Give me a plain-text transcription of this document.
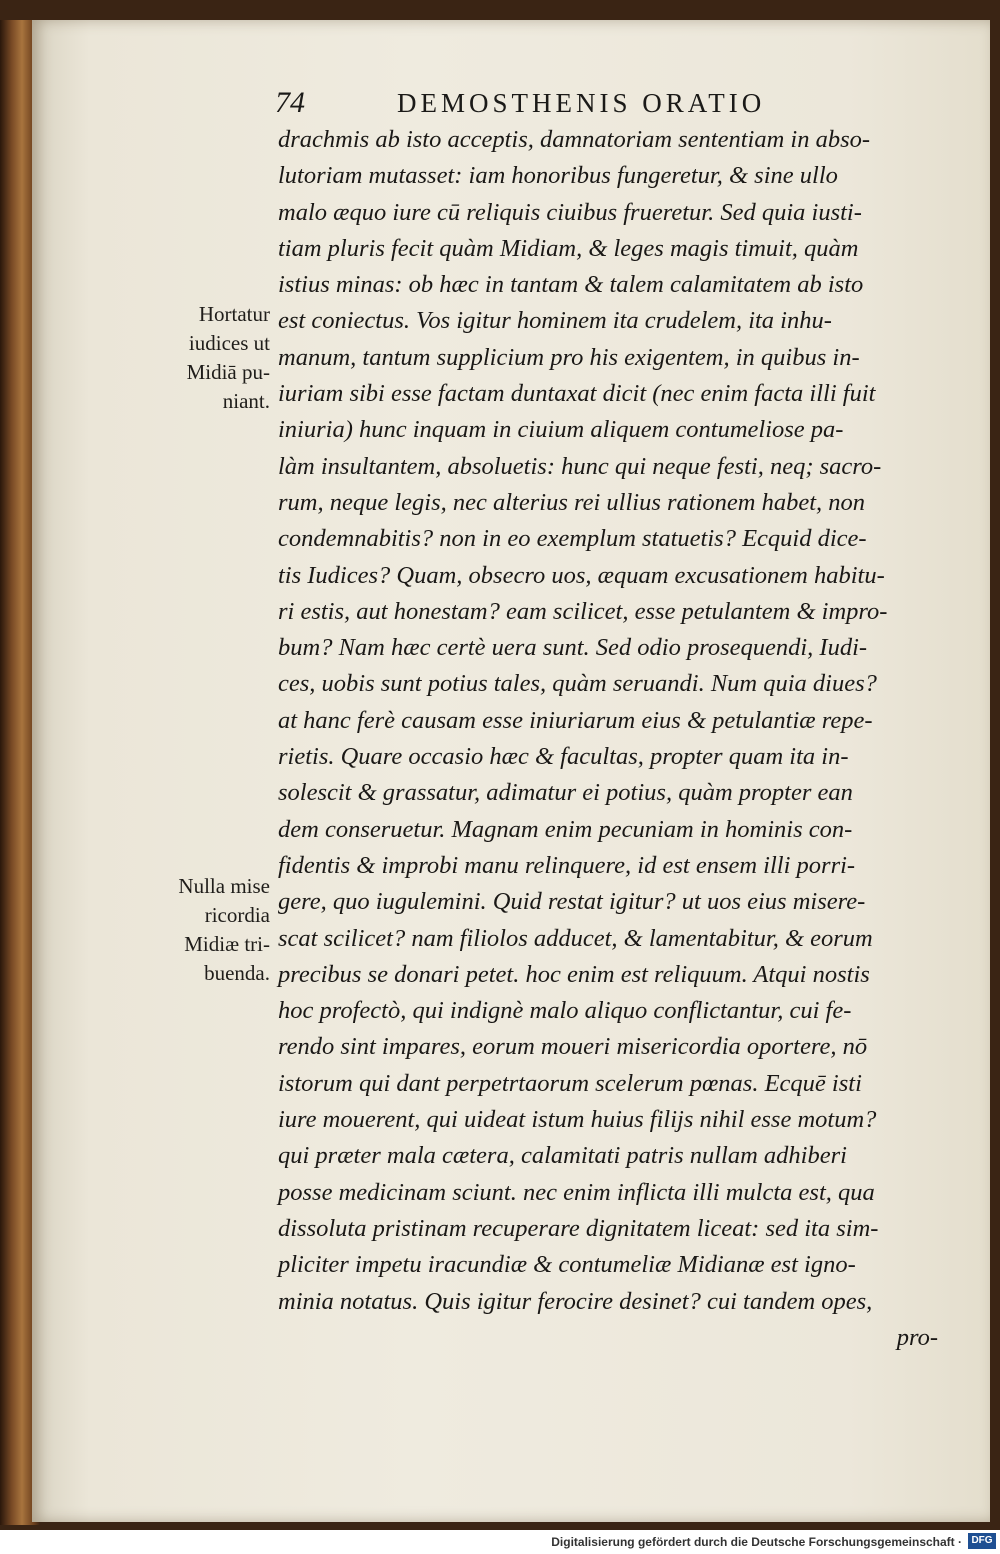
74	DEMOSTHENIS ORATIO
Hortatur
iudices ut
Midiā pu-
niant.
Nulla mise
ricordia
Midiæ tri-
buenda.
drachmis ab isto acceptis, damnatoriam sententiam in abso-
lutoriam mutasset: iam honoribus fungeretur, & sine ullo
malo æquo iure cū reliquis ciuibus frueretur. Sed quia iusti-
tiam pluris fecit quàm Midiam, & leges magis timuit, quàm
istius minas: ob hæc in tantam & talem calamitatem ab isto
est coniectus. Vos igitur hominem ita crudelem, ita inhu-
manum, tantum supplicium pro his exigentem, in quibus in-
iuriam sibi esse factam duntaxat dicit (nec enim facta illi fuit
iniuria) hunc inquam in ciuium aliquem contumeliose pa-
làm insultantem, absoluetis: hunc qui neque festi, neq; sacro-
rum, neque legis, nec alterius rei ullius rationem habet, non
condemnabitis? non in eo exemplum statuetis? Ecquid dice-
tis Iudices? Quam, obsecro uos, æquam excusationem habitu-
ri estis, aut honestam? eam scilicet, esse petulantem & impro-
bum? Nam hæc certè uera sunt. Sed odio prosequendi, Iudi-
ces, uobis sunt potius tales, quàm seruandi. Num quia diues?
at hanc ferè causam esse iniuriarum eius & petulantiæ repe-
rietis. Quare occasio hæc & facultas, propter quam ita in-
solescit & grassatur, adimatur ei potius, quàm propter ean
dem conseruetur. Magnam enim pecuniam in hominis con-
fidentis & improbi manu relinquere, id est ensem illi porri-
gere, quo iugulemini. Quid restat igitur? ut uos eius misere-
scat scilicet? nam filiolos adducet, & lamentabitur, & eorum
precibus se donari petet. hoc enim est reliquum. Atqui nostis
hoc profectò, qui indignè malo aliquo conflictantur, cui fe-
rendo sint impares, eorum moueri misericordia oportere, nō
istorum qui dant perpetrtaorum scelerum pœnas. Ecquē isti
iure mouerent, qui uideat istum huius filijs nihil esse motum?
qui præter mala cætera, calamitati patris nullam adhiberi
posse medicinam sciunt. nec enim inflicta illi mulcta est, qua
dissoluta pristinam recuperare dignitatem liceat: sed ita sim-
pliciter impetu iracundiæ & contumeliæ Midianæ est igno-
minia notatus. Quis igitur ferocire desinet? cui tandem opes,
pro-
Digitalisierung gefördert durch die Deutsche Forschungsgemeinschaft · DFG
